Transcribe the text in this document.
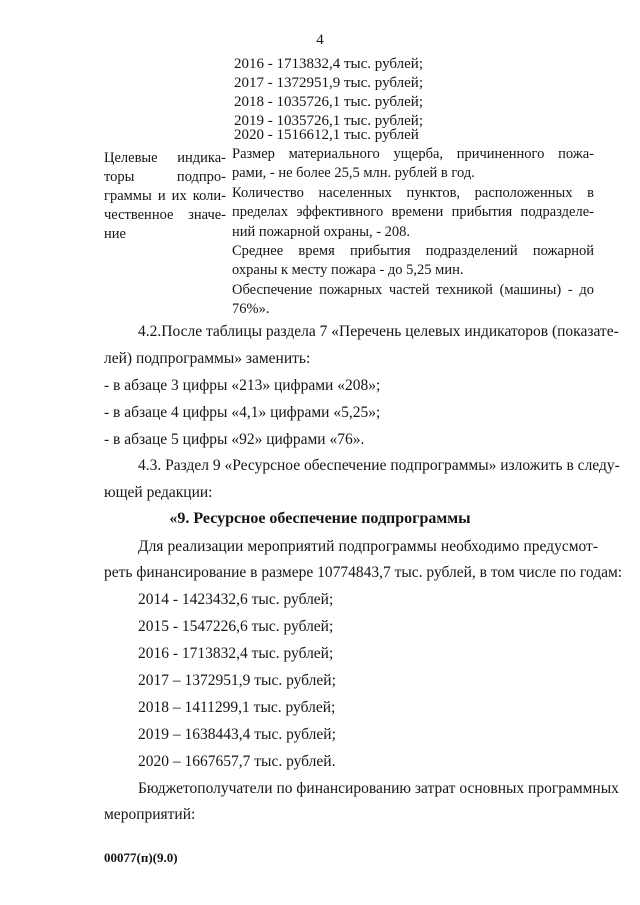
4
2016 - 1713832,4 тыс. рублей;
2017 - 1372951,9 тыс. рублей;
2018 - 1035726,1 тыс. рублей;
2019 - 1035726,1 тыс. рублей;
2020 - 1516612,1 тыс. рублей
Целевые индика-
торы подпро-
граммы и их коли-
чественное значе-
ние
Размер материального ущерба, причиненного пожа-
рами, - не более 25,5 млн. рублей в год.
Количество населенных пунктов, расположенных в
пределах эффективного времени прибытия подразделе-
ний пожарной охраны, - 208.
Среднее время прибытия подразделений пожарной
охраны к месту пожара - до 5,25 мин.
Обеспечение пожарных частей техникой (машины) - до
76%».
4.2.После таблицы раздела 7 «Перечень целевых индикаторов (показате-
лей) подпрограммы» заменить:
- в абзаце 3 цифры «213» цифрами «208»;
- в абзаце 4 цифры «4,1» цифрами «5,25»;
- в абзаце 5 цифры «92» цифрами «76».
4.3. Раздел 9 «Ресурсное обеспечение подпрограммы» изложить в следу-
ющей редакции:
«9. Ресурсное обеспечение подпрограммы
Для реализации мероприятий подпрограммы необходимо предусмот-
реть финансирование в размере 10774843,7 тыс. рублей, в том числе по годам:
2014 - 1423432,6 тыс. рублей;
2015 - 1547226,6 тыс. рублей;
2016 - 1713832,4 тыс. рублей;
2017 – 1372951,9 тыс. рублей;
2018 – 1411299,1 тыс. рублей;
2019 – 1638443,4 тыс. рублей;
2020 – 1667657,7 тыс. рублей.
Бюджетополучатели по финансированию затрат основных программных
мероприятий:
00077(п)(9.0)
